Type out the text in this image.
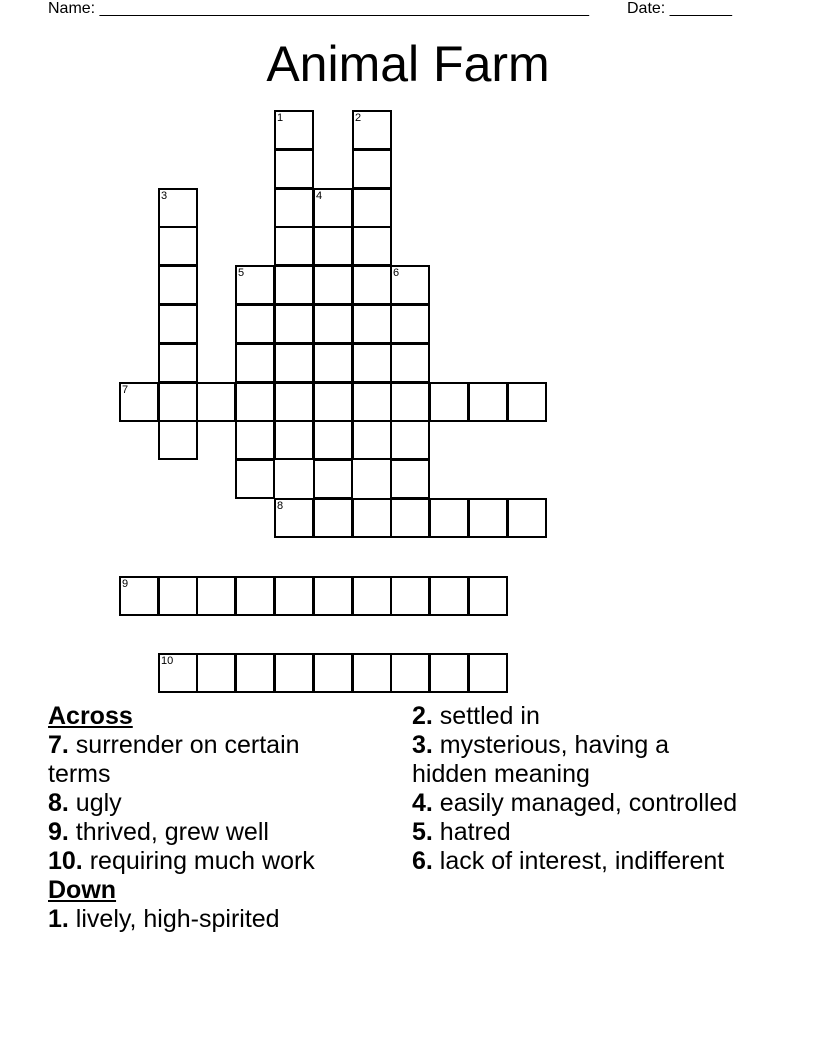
Name: _______________________________________________________ Date: _______
Animal Farm
1	2
3	4
5	6
7
8
9
10
Across
7. surrender on certain terms
8. ugly
9. thrived, grew well
10. requiring much work
Down
1. lively, high-spirited
2. settled in
3. mysterious, having a hidden meaning
4. easily managed, controlled
5. hatred
6. lack of interest, indifferent
